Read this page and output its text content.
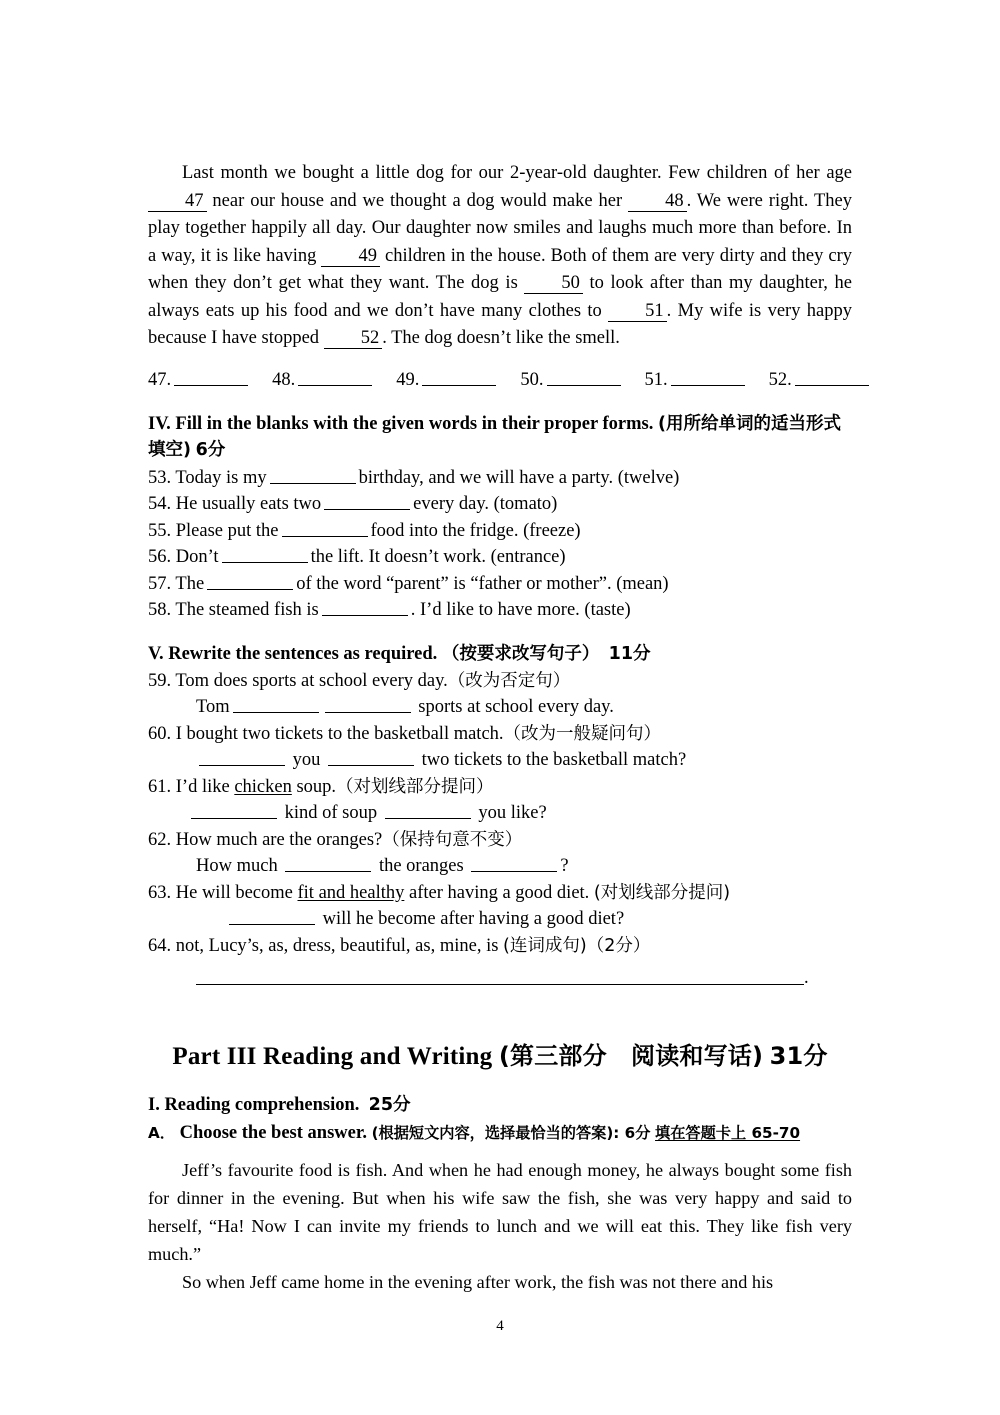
Last month we bought a little dog for our 2-year-old daughter. Few children of her age 47 near our house and we thought a dog would make her 48 . We were right. They play together happily all day. Our daughter now smiles and laughs much more than before. In a way, it is like having 49 children in the house. Both of them are very dirty and they cry when they don’t get what they want. The dog is 50 to look after than my daughter, he always eats up his food and we don’t have many clothes to 51 . My wife is very happy because I have stopped 52 . The dog doesn’t like the smell.

47.	48.	49.	50.	51.	52.
IV. Fill in the blanks with the given words in their proper forms. (用所给单词的适当形式填空) 6分

53. Today is my	birthday, and we will have a party. (twelve)

54. He usually eats two	every day. (tomato)

55. Please put the	food into the fridge. (freeze)

56. Don’t	the lift. It doesn’t work. (entrance)

57. The	of the word “parent” is “father or mother”. (mean)

58. The steamed fish is	. I’d like to have more. (taste)

V. Rewrite the sentences as required. （按要求改写句子） 11分

59. Tom does sports at school every day.（改为否定句）

Tom	sports at school every day.

60. I bought two tickets to the basketball match.（改为一般疑问句）

you	two tickets to the basketball match?

61. I’d like chicken soup.（对划线部分提问）

kind of soup	you like?

62. How much are the oranges?（保持句意不变）

How much	the oranges	?

63. He will become fit and healthy after having a good diet. (对划线部分提问)

will he become after having a good diet?

64. not, Lucy’s, as, dress, beautiful, as, mine, is (连词成句)（2分）

.
Part III Reading and Writing (第三部分　阅读和写话) 31分
I. Reading comprehension. 25分
A． Choose the best answer. (根据短文内容，选择最恰当的答案): 6分 填在答题卡上 65-70

Jeff’s favourite food is fish. And when he had enough money, he always bought some fish for dinner in the evening. But when his wife saw the fish, she was very happy and said to herself, “Ha! Now I can invite my friends to lunch and we will eat this. They like fish very much.”

So when Jeff came home in the evening after work, the fish was not there and his

4
